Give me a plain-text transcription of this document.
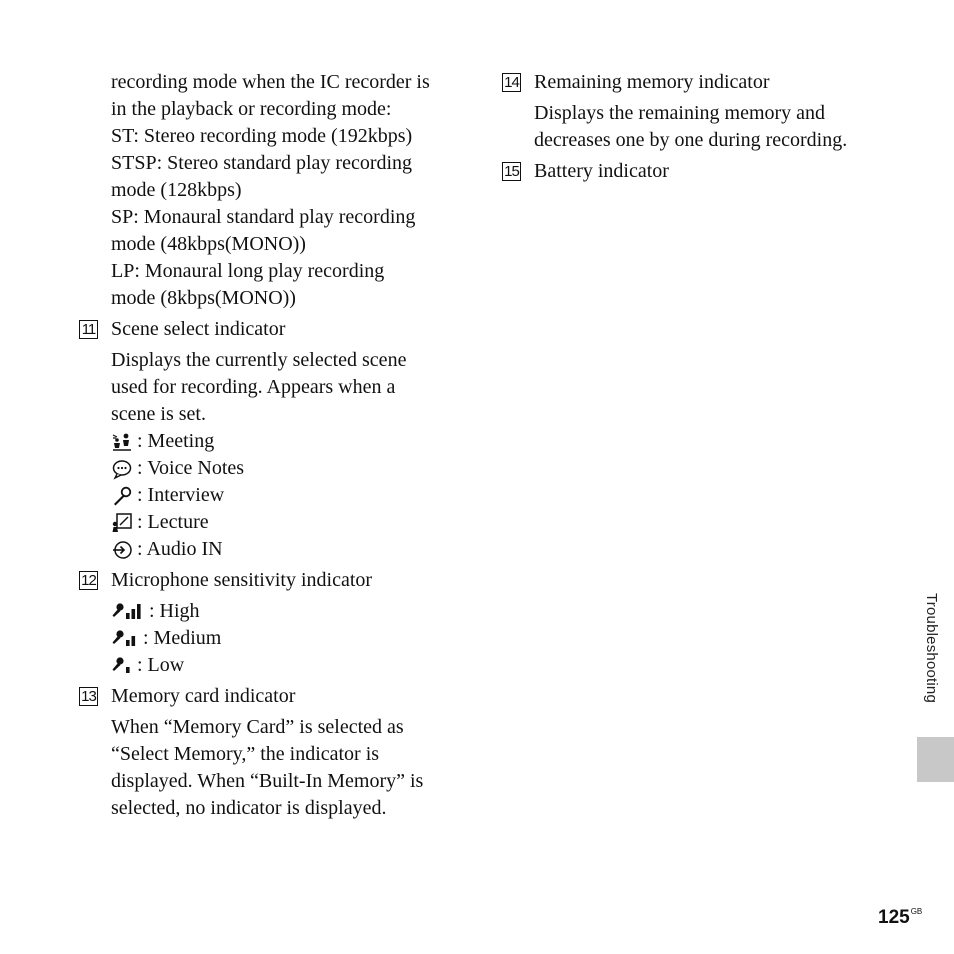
recording mode when the IC recorder is
in the playback or recording mode:
ST: Stereo recording mode (192kbps)
STSP: Stereo standard play recording
mode (128kbps)
SP: Monaural standard play recording
mode (48kbps(MONO))
LP: Monaural long play recording
mode (8kbps(MONO))
11 Scene select indicator
Displays the currently selected scene
used for recording. Appears when a
scene is set.
: Meeting
: Voice Notes
: Interview
: Lecture
: Audio IN
12 Microphone sensitivity indicator
: High
: Medium
: Low
13 Memory card indicator
When “Memory Card” is selected as
“Select Memory,” the indicator is
displayed. When “Built-In Memory” is
selected, no indicator is displayed.
14 Remaining memory indicator
Displays the remaining memory and
decreases one by one during recording.
15 Battery indicator
Troubleshooting
$125^{GB}$
